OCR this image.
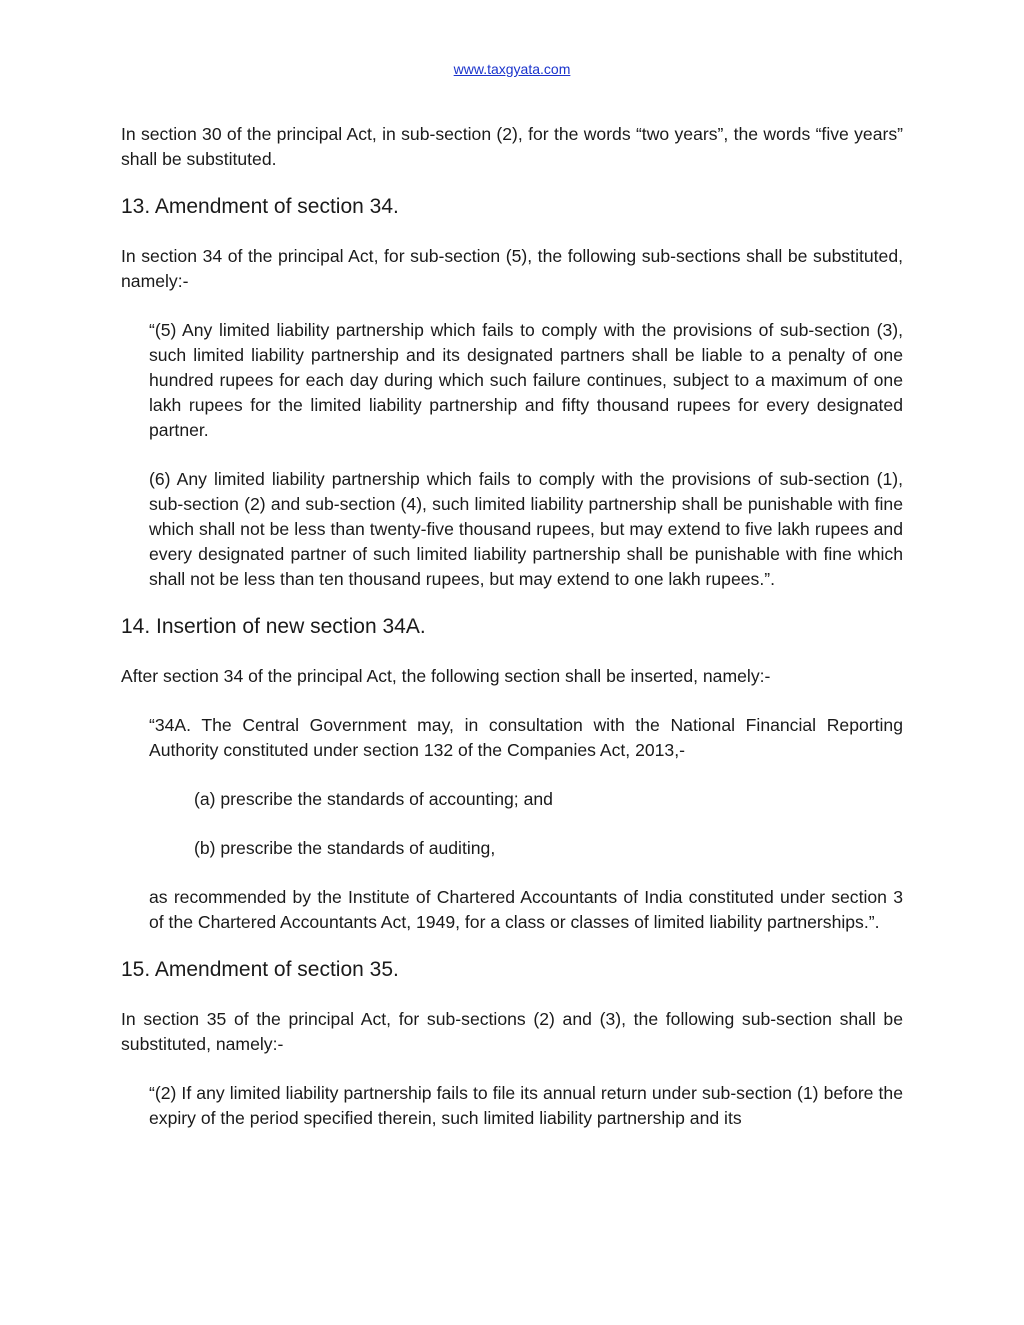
www.taxgyata.com

In section 30 of the principal Act, in sub-section (2), for the words “two years”, the words “five years” shall be substituted.

13. Amendment of section 34.

In section 34 of the principal Act, for sub-section (5), the following sub-sections shall be substituted, namely:-

“(5) Any limited liability partnership which fails to comply with the provisions of sub-section (3), such limited liability partnership and its designated partners shall be liable to a penalty of one hundred rupees for each day during which such failure continues, subject to a maximum of one lakh rupees for the limited liability partnership and fifty thousand rupees for every designated partner.

(6) Any limited liability partnership which fails to comply with the provisions of sub-section (1), sub-section (2) and sub-section (4), such limited liability partnership shall be punishable with fine which shall not be less than twenty-five thousand rupees, but may extend to five lakh rupees and every designated partner of such limited liability partnership shall be punishable with fine which shall not be less than ten thousand rupees, but may extend to one lakh rupees.”.

14. Insertion of new section 34A.

After section 34 of the principal Act, the following section shall be inserted, namely:-

“34A. The Central Government may, in consultation with the National Financial Reporting Authority constituted under section 132 of the Companies Act, 2013,-

(a) prescribe the standards of accounting; and

(b) prescribe the standards of auditing,

as recommended by the Institute of Chartered Accountants of India constituted under section 3 of the Chartered Accountants Act, 1949, for a class or classes of limited liability partnerships.”.

15. Amendment of section 35.

In section 35 of the principal Act, for sub-sections (2) and (3), the following sub-section shall be substituted, namely:-

“(2) If any limited liability partnership fails to file its annual return under sub-section (1) before the expiry of the period specified therein, such limited liability partnership and its
